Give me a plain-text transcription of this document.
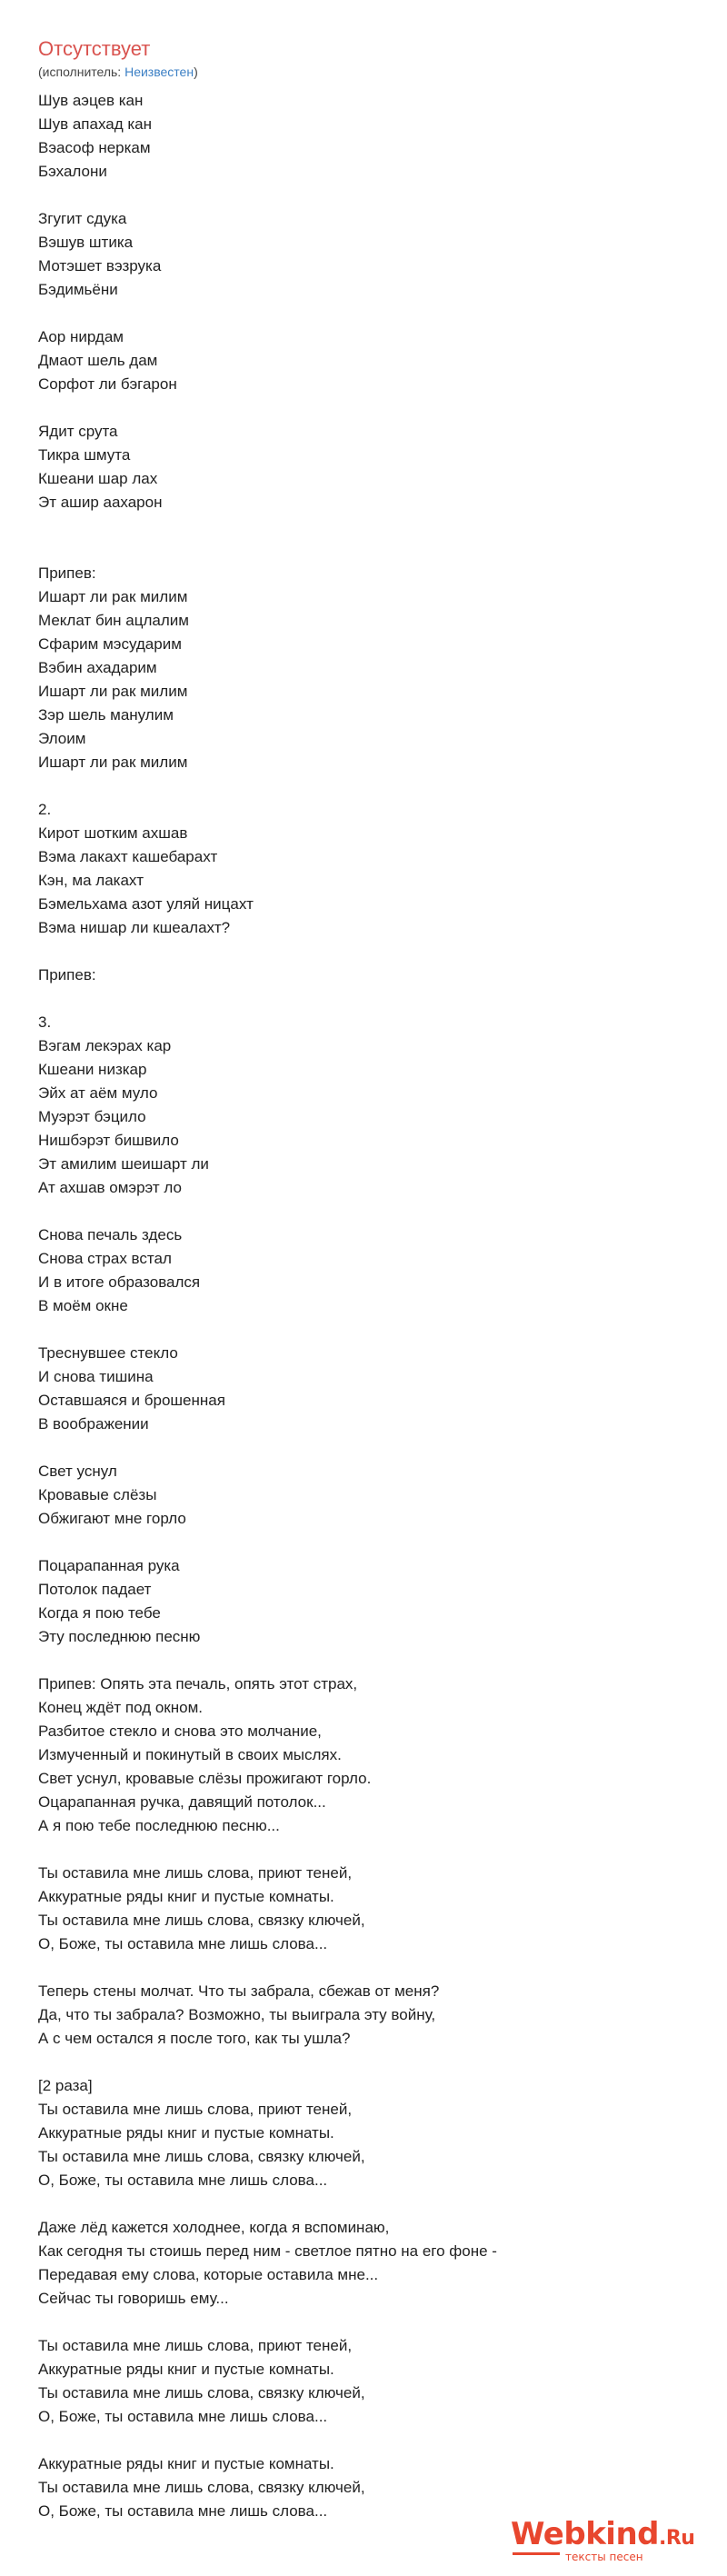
Отсутствует
(исполнитель: Неизвестен)
Шув аэцев кан
Шув апахад кан
Вэасоф неркам
Бэхалони
Згугит сдука
Вэшув штика
Мотэшет вэзрука
Бэдимьёни
Аор нирдам
Дмаот шель дам
Сорфот ли бэгарон
Ядит срута
Тикра шмута
Кшеани шар лах
Эт ашир аахарон
Припев:
Ишарт ли рак милим
Меклат бин ацлалим
Сфарим мэсударим
Вэбин ахадарим
Ишарт ли рак милим
Зэр шель манулим
Элоим
Ишарт ли рак милим
2.
Кирот шотким ахшав
Вэма лакахт кашебарахт
Кэн, ма лакахт
Бэмельхама азот уляй ницахт
Вэма нишар ли кшеалахт?
Припев:
3.
Вэгам лекэрах кар
Кшеани низкар
Эйх ат аём муло
Муэрэт бэцило
Нишбэрэт бишвило
Эт амилим шеишарт ли
Ат ахшав омэрэт ло
Снова печаль здесь
Снова страх встал
И в итоге образовался
В моём окне
Треснувшее стекло
И снова тишина
Оставшаяся и брошенная
В воображении
Свет уснул
Кровавые слёзы
Обжигают мне горло
Поцарапанная рука
Потолок падает
Когда я пою тебе
Эту последнюю песню
Припев: Опять эта печаль, опять этот страх,
Конец ждёт под окном.
Разбитое стекло и снова это молчание,
Измученный и покинутый в своих мыслях.
Свет уснул, кровавые слёзы прожигают горло.
Оцарапанная ручка, давящий потолок...
А я пою тебе последнюю песню...
Ты оставила мне лишь слова, приют теней,
Аккуратные ряды книг и пустые комнаты.
Ты оставила мне лишь слова, связку ключей,
О, Боже, ты оставила мне лишь слова...
Теперь стены молчат. Что ты забрала, сбежав от меня?
Да, что ты забрала? Возможно, ты выиграла эту войну,
А с чем остался я после того, как ты ушла?
[2 раза]
Ты оставила мне лишь слова, приют теней,
Аккуратные ряды книг и пустые комнаты.
Ты оставила мне лишь слова, связку ключей,
О, Боже, ты оставила мне лишь слова...
Даже лёд кажется холоднее, когда я вспоминаю,
Как сегодня ты стоишь перед ним - светлое пятно на его фоне -
Передавая ему слова, которые оставила мне...
Сейчас ты говоришь ему...
Ты оставила мне лишь слова, приют теней,
Аккуратные ряды книг и пустые комнаты.
Ты оставила мне лишь слова, связку ключей,
О, Боже, ты оставила мне лишь слова...
Аккуратные ряды книг и пустые комнаты.
Ты оставила мне лишь слова, связку ключей,
О, Боже, ты оставила мне лишь слова...
Webkind.Ru
тексты песен
